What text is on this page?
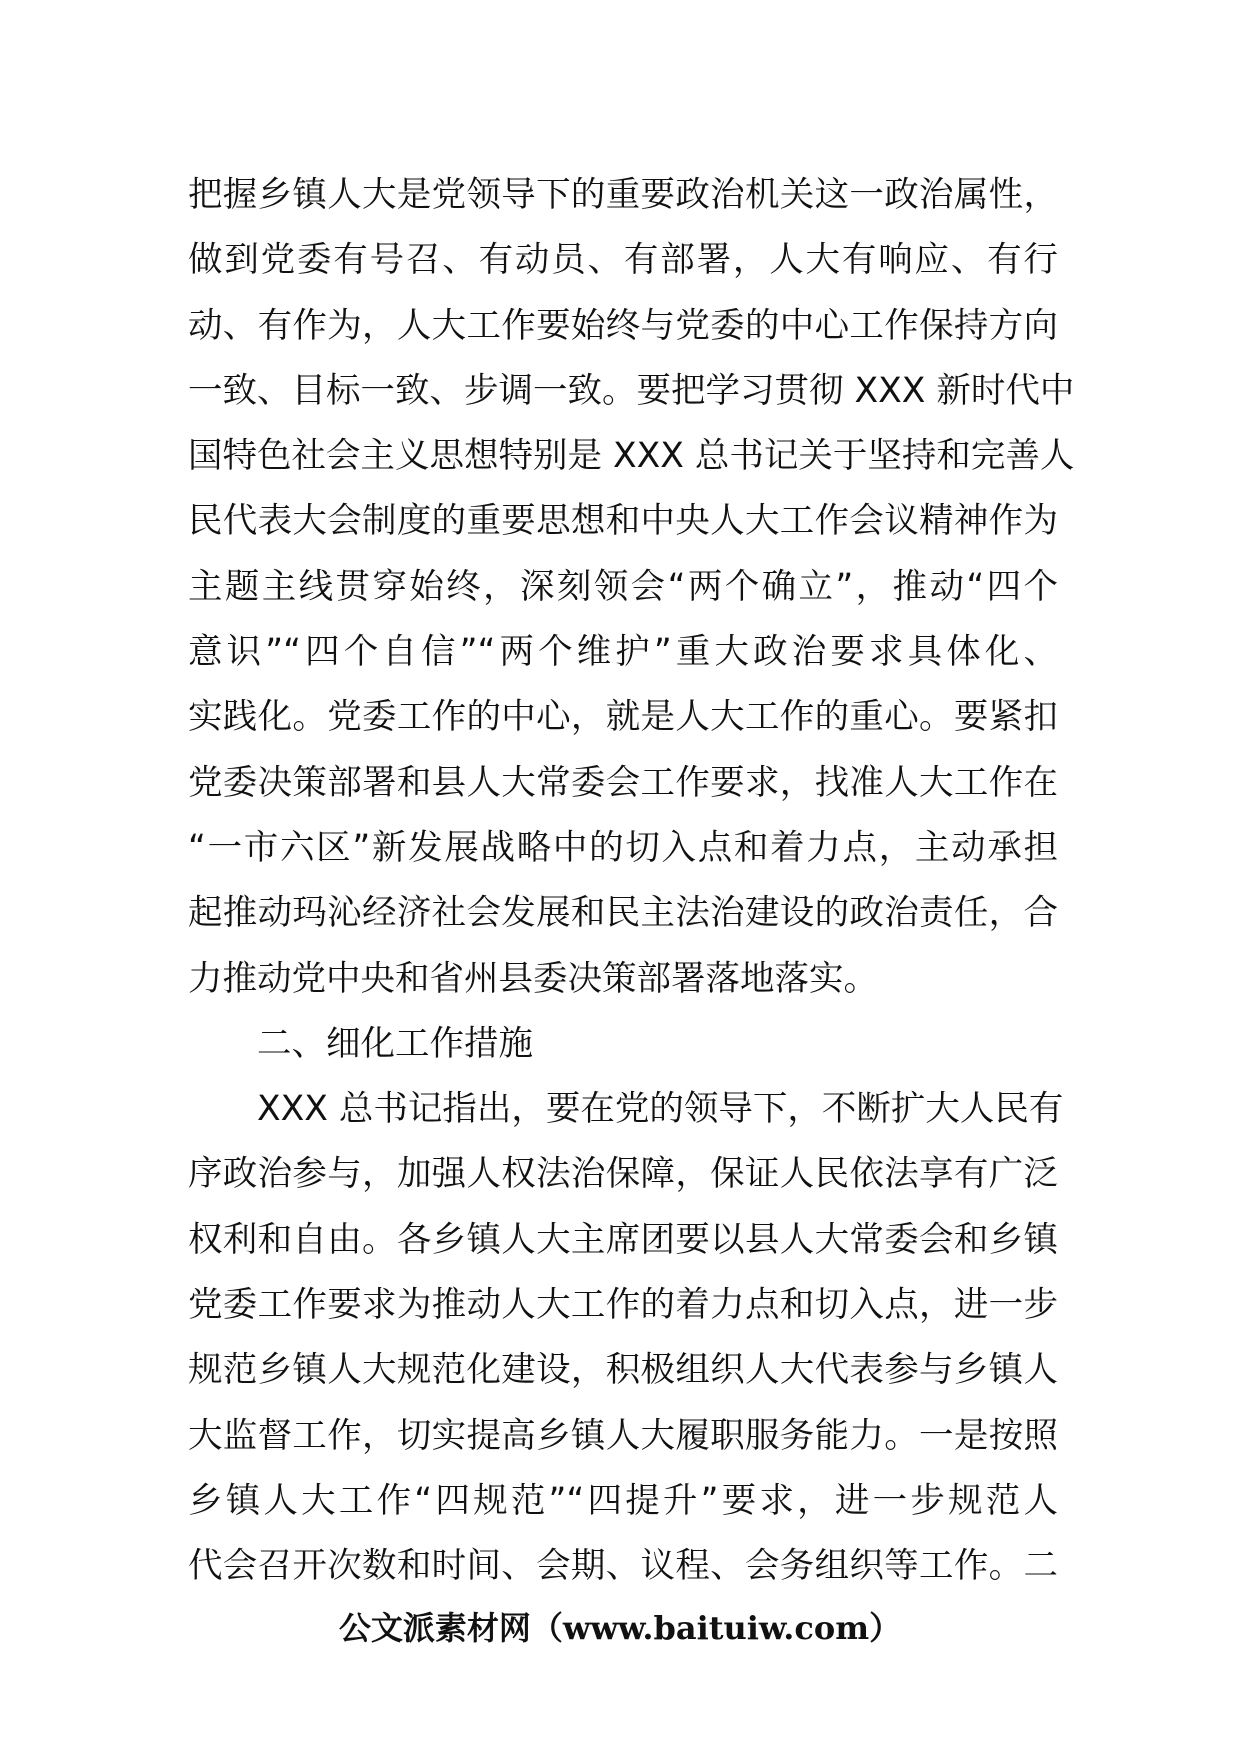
把握乡镇人大是党领导下的重要政治机关这一政治属性，
做到党委有号召、有动员、有部署，人大有响应、有行
动、有作为，人大工作要始终与党委的中心工作保持方向
一致、目标一致、步调一致。要把学习贯彻 XXX 新时代中
国特色社会主义思想特别是 XXX 总书记关于坚持和完善人
民代表大会制度的重要思想和中央人大工作会议精神作为
主题主线贯穿始终，深刻领会“两个确立”，推动“四个
意识”“四个自信”“两个维护”重大政治要求具体化、
实践化。党委工作的中心，就是人大工作的重心。要紧扣
党委决策部署和县人大常委会工作要求，找准人大工作在
“一市六区”新发展战略中的切入点和着力点，主动承担
起推动玛沁经济社会发展和民主法治建设的政治责任，合
力推动党中央和省州县委决策部署落地落实。
二、细化工作措施
XXX 总书记指出，要在党的领导下，不断扩大人民有
序政治参与，加强人权法治保障，保证人民依法享有广泛
权利和自由。各乡镇人大主席团要以县人大常委会和乡镇
党委工作要求为推动人大工作的着力点和切入点，进一步
规范乡镇人大规范化建设，积极组织人大代表参与乡镇人
大监督工作，切实提高乡镇人大履职服务能力。一是按照
乡镇人大工作“四规范”“四提升”要求，进一步规范人
代会召开次数和时间、会期、议程、会务组织等工作。二
公文派素材网（www.baituiw.com）
